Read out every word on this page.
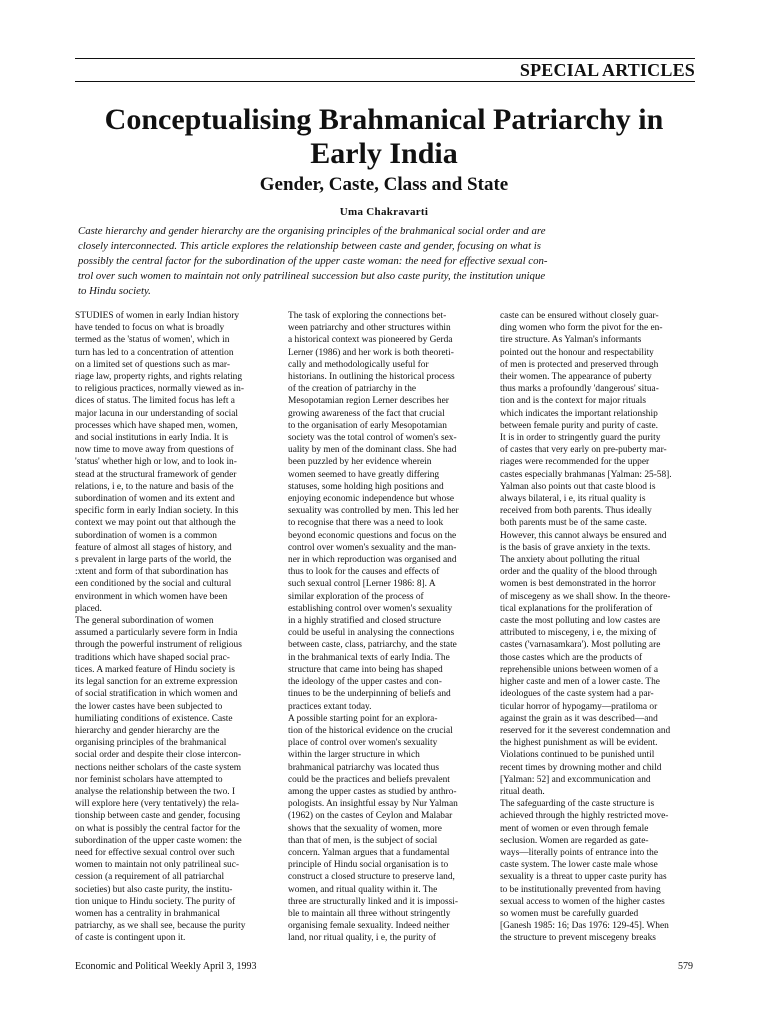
SPECIAL ARTICLES
Conceptualising Brahmanical Patriarchy in
Early India
Gender, Caste, Class and State
Uma Chakravarti
Caste hierarchy and gender hierarchy are the organising principles of the brahmanical social order and are
closely interconnected. This article explores the relationship between caste and gender, focusing on what is
possibly the central factor for the subordination of the upper caste woman: the need for effective sexual con-
trol over such women to maintain not only patrilineal succession but also caste purity, the institution unique
to Hindu society.
STUDIES of women in early Indian history
have tended to focus on what is broadly
termed as the 'status of women', which in
turn has led to a concentration of attention
on a limited set of questions such as mar-
riage law, property rights, and rights relating
to religious practices, normally viewed as in-
dices of status. The limited focus has left a
major lacuna in our understanding of social
processes which have shaped men, women,
and social institutions in early India. It is
now time to move away from questions of
'status' whether high or low, and to look in-
stead at the structural framework of gender
relations, i e, to the nature and basis of the
subordination of women and its extent and
specific form in early Indian society. In this
context we may point out that although the
subordination of women is a common
feature of almost all stages of history, and
s prevalent in large parts of the world, the
:xtent and form of that subordination has
een conditioned by the social and cultural
environment in which women have been
placed.
The general subordination of women
assumed a particularly severe form in India
through the powerful instrument of religious
traditions which have shaped social prac-
tices. A marked feature of Hindu society is
its legal sanction for an extreme expression
of social stratification in which women and
the lower castes have been subjected to
humiliating conditions of existence. Caste
hierarchy and gender hierarchy are the
organising principles of the brahmanical
social order and despite their close intercon-
nections neither scholars of the caste system
nor feminist scholars have attempted to
analyse the relationship between the two. I
will explore here (very tentatively) the rela-
tionship between caste and gender, focusing
on what is possibly the central factor for the
subordination of the upper caste women: the
need for effective sexual control over such
women to maintain not only patrilineal suc-
cession (a requirement of all patriarchal
societies) but also caste purity, the institu-
tion unique to Hindu society. The purity of
women has a centrality in brahmanical
patriarchy, as we shall see, because the purity
of caste is contingent upon it.
The task of exploring the connections bet-
ween patriarchy and other structures within
a historical context was pioneered by Gerda
Lerner (1986) and her work is both theoreti-
cally and methodologically useful for
historians. In outlining the historical process
of the creation of patriarchy in the
Mesopotamian region Lerner describes her
growing awareness of the fact that crucial
to the organisation of early Mesopotamian
society was the total control of women's sex-
uality by men of the dominant class. She had
been puzzled by her evidence wherein
women seemed to have greatly differing
statuses, some holding high positions and
enjoying economic independence but whose
sexuality was controlled by men. This led her
to recognise that there was a need to look
beyond economic questions and focus on the
control over women's sexuality and the man-
ner in which reproduction was organised and
thus to look for the causes and effects of
such sexual control [Lerner 1986: 8]. A
similar exploration of the process of
establishing control over women's sexuality
in a highly stratified and closed structure
could be useful in analysing the connections
between caste, class, patriarchy, and the state
in the brahmanical texts of early India. The
structure that came into being has shaped
the ideology of the upper castes and con-
tinues to be the underpinning of beliefs and
practices extant today.
A possible starting point for an explora-
tion of the historical evidence on the crucial
place of control over women's sexuality
within the larger structure in which
brahmanical patriarchy was located thus
could be the practices and beliefs prevalent
among the upper castes as studied by anthro-
pologists. An insightful essay by Nur Yalman
(1962) on the castes of Ceylon and Malabar
shows that the sexuality of women, more
than that of men, is the subject of social
concern. Yalman argues that a fundamental
principle of Hindu social organisation is to
construct a closed structure to preserve land,
women, and ritual quality within it. The
three are structurally linked and it is impossi-
ble to maintain all three without stringently
organising female sexuality. Indeed neither
land, nor ritual quality, i e, the purity of
caste can be ensured without closely guar-
ding women who form the pivot for the en-
tire structure. As Yalman's informants
pointed out the honour and respectability
of men is protected and preserved through
their women. The appearance of puberty
thus marks a profoundly 'dangerous' situa-
tion and is the context for major rituals
which indicates the important relationship
between female purity and purity of caste.
It is in order to stringently guard the purity
of castes that very early on pre-puberty mar-
riages were recommended for the upper
castes especially brahmanas [Yalman: 25-58].
Yalman also points out that caste blood is
always bilateral, i e, its ritual quality is
received from both parents. Thus ideally
both parents must be of the same caste.
However, this cannot always be ensured and
is the basis of grave anxiety in the texts.
The anxiety about polluting the ritual
order and the quality of the blood through
women is best demonstrated in the horror
of miscegeny as we shall show. In the theore-
tical explanations for the proliferation of
caste the most polluting and low castes are
attributed to miscegeny, i e, the mixing of
castes ('varnasamkara'). Most polluting are
those castes which are the products of
reprehensible unions between women of a
higher caste and men of a lower caste. The
ideologues of the caste system had a par-
ticular horror of hypogamy—pratiloma or
against the grain as it was described—and
reserved for it the severest condemnation and
the highest punishment as will be evident.
Violations continued to be punished until
recent times by drowning mother and child
[Yalman: 52] and excommunication and
ritual death.
The safeguarding of the caste structure is
achieved through the highly restricted move-
ment of women or even through female
seclusion. Women are regarded as gate-
ways—literally points of entrance into the
caste system. The lower caste male whose
sexuality is a threat to upper caste purity has
to be institutionally prevented from having
sexual access to women of the higher castes
so women must be carefully guarded
[Ganesh 1985: 16; Das 1976: 129-45]. When
the structure to prevent miscegeny breaks
Economic and Political Weekly April 3, 1993	579
